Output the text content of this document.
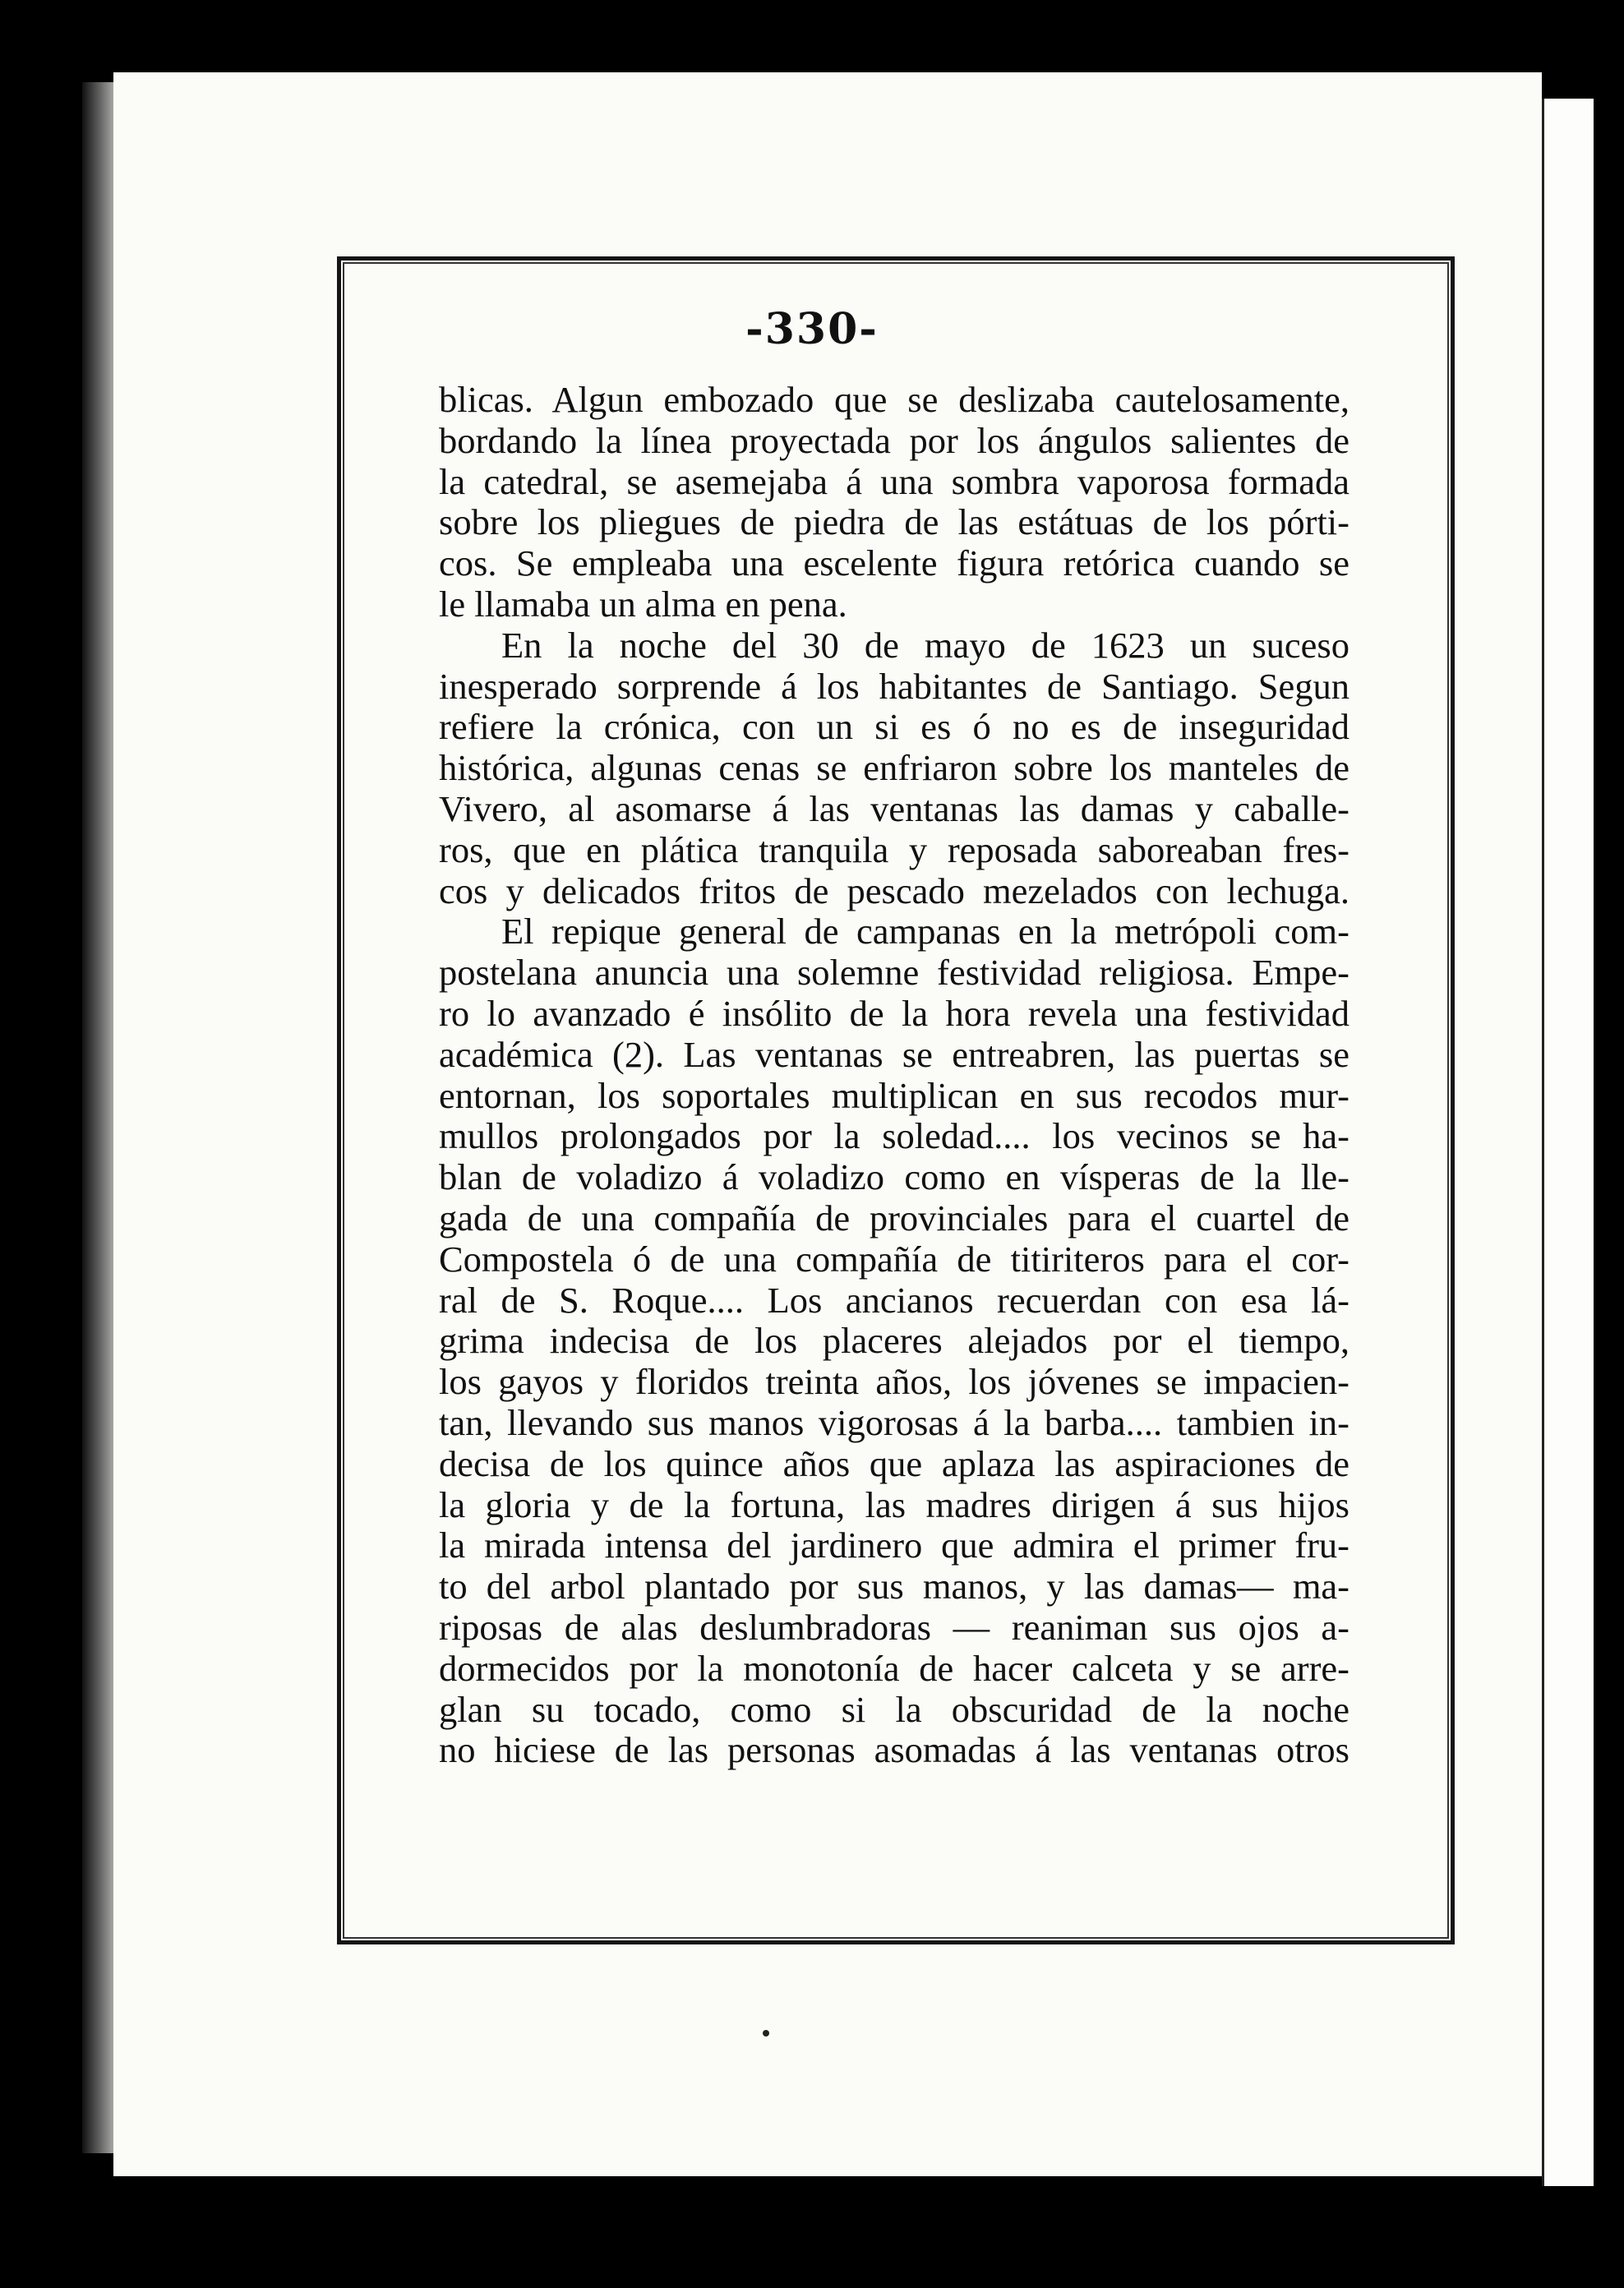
-330-
blicas. Algun embozado que se deslizaba cautelosamente,
bordando la línea proyectada por los ángulos salientes de
la catedral, se asemejaba á una sombra vaporosa formada
sobre los pliegues de piedra de las estátuas de los pórti-
cos. Se empleaba una escelente figura retórica cuando se
le llamaba un alma en pena.
En la noche del 30 de mayo de 1623 un suceso
inesperado sorprende á los habitantes de Santiago. Segun
refiere la crónica, con un si es ó no es de inseguridad
histórica, algunas cenas se enfriaron sobre los manteles de
Vivero, al asomarse á las ventanas las damas y caballe-
ros, que en plática tranquila y reposada saboreaban fres-
cos y delicados fritos de pescado mezelados con lechuga.
El repique general de campanas en la metrópoli com-
postelana anuncia una solemne festividad religiosa. Empe-
ro lo avanzado é insólito de la hora revela una festividad
académica (2). Las ventanas se entreabren, las puertas se
entornan, los soportales multiplican en sus recodos mur-
mullos prolongados por la soledad.... los vecinos se ha-
blan de voladizo á voladizo como en vísperas de la lle-
gada de una compañía de provinciales para el cuartel de
Compostela ó de una compañía de titiriteros para el cor-
ral de S. Roque.... Los ancianos recuerdan con esa lá-
grima indecisa de los placeres alejados por el tiempo,
los gayos y floridos treinta años, los jóvenes se impacien-
tan, llevando sus manos vigorosas á la barba.... tambien in-
decisa de los quince años que aplaza las aspiraciones de
la gloria y de la fortuna, las madres dirigen á sus hijos
la mirada intensa del jardinero que admira el primer fru-
to del arbol plantado por sus manos, y las damas— ma-
riposas de alas deslumbradoras — reaniman sus ojos a-
dormecidos por la monotonía de hacer calceta y se arre-
glan su tocado, como si la obscuridad de la noche
no hiciese de las personas asomadas á las ventanas otros
